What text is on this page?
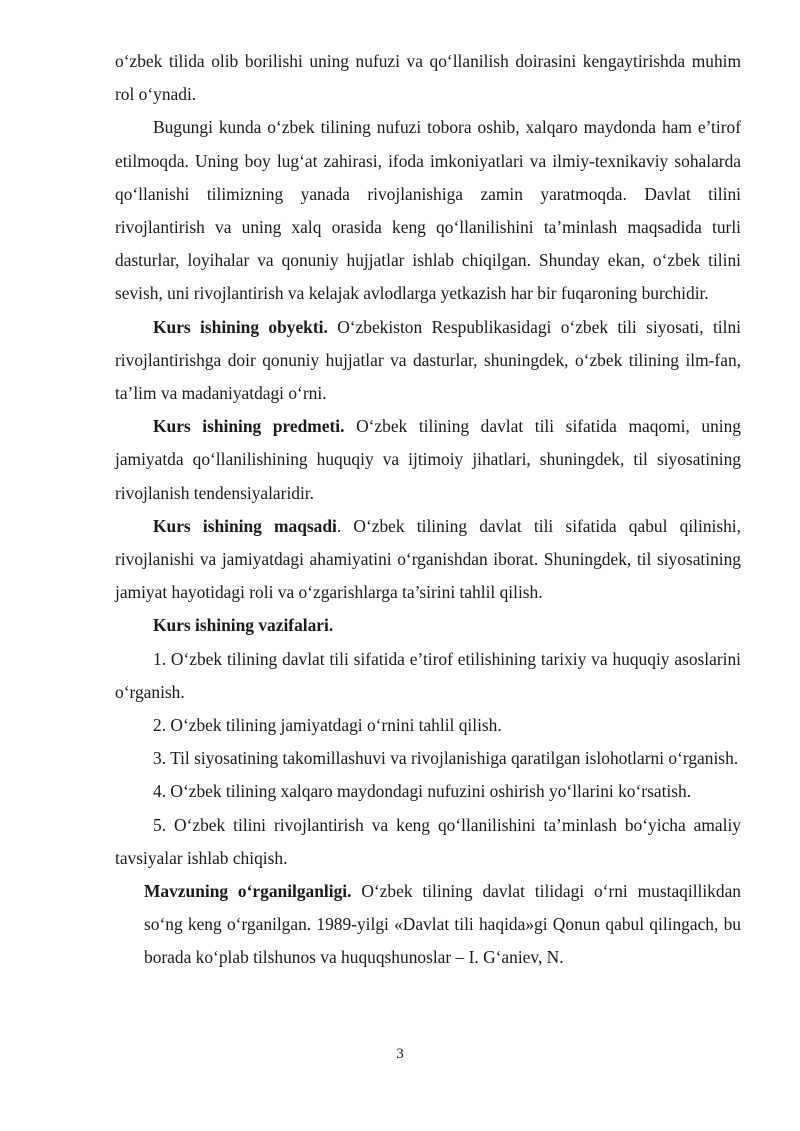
o‘zbek tilida olib borilishi uning nufuzi va qo‘llanilish doirasini kengaytirishda muhim rol o‘ynadi.

Bugungi kunda o‘zbek tilining nufuzi tobora oshib, xalqaro maydonda ham e’tirof etilmoqda. Uning boy lug‘at zahirasi, ifoda imkoniyatlari va ilmiy-texnikaviy sohalarda qo‘llanishi tilimizning yanada rivojlanishiga zamin yaratmoqda. Davlat tilini rivojlantirish va uning xalq orasida keng qo‘llanilishini ta’minlash maqsadida turli dasturlar, loyihalar va qonuniy hujjatlar ishlab chiqilgan. Shunday ekan, o‘zbek tilini sevish, uni rivojlantirish va kelajak avlodlarga yetkazish har bir fuqaroning burchidir.

Kurs ishining obyekti. O‘zbekiston Respublikasidagi o‘zbek tili siyosati, tilni rivojlantirishga doir qonuniy hujjatlar va dasturlar, shuningdek, o‘zbek tilining ilm-fan, ta’lim va madaniyatdagi o‘rni.

Kurs ishining predmeti. O‘zbek tilining davlat tili sifatida maqomi, uning jamiyatda qo‘llanilishining huquqiy va ijtimoiy jihatlari, shuningdek, til siyosatining rivojlanish tendensiyalaridir.

Kurs ishining maqsadi. O‘zbek tilining davlat tili sifatida qabul qilinishi, rivojlanishi va jamiyatdagi ahamiyatini o‘rganishdan iborat. Shuningdek, til siyosatining jamiyat hayotidagi roli va o‘zgarishlarga ta’sirini tahlil qilish.

Kurs ishining vazifalari.

1. O‘zbek tilining davlat tili sifatida e’tirof etilishining tarixiy va huquqiy asoslarini o‘rganish.

2. O‘zbek tilining jamiyatdagi o‘rnini tahlil qilish.

3. Til siyosatining takomillashuvi va rivojlanishiga qaratilgan islohotlarni o‘rganish.

4. O‘zbek tilining xalqaro maydondagi nufuzini oshirish yo‘llarini ko‘rsatish.

5. O‘zbek tilini rivojlantirish va keng qo‘llanilishini ta’minlash bo‘yicha amaliy tavsiyalar ishlab chiqish.

Mavzuning o‘rganilganligi. O‘zbek tilining davlat tilidagi o‘rni mustaqillikdan so‘ng keng o‘rganilgan. 1989-yilgi «Davlat tili haqida»gi Qonun qabul qilingach, bu borada ko‘plab tilshunos va huquqshunoslar – I. G‘aniev, N.

3
